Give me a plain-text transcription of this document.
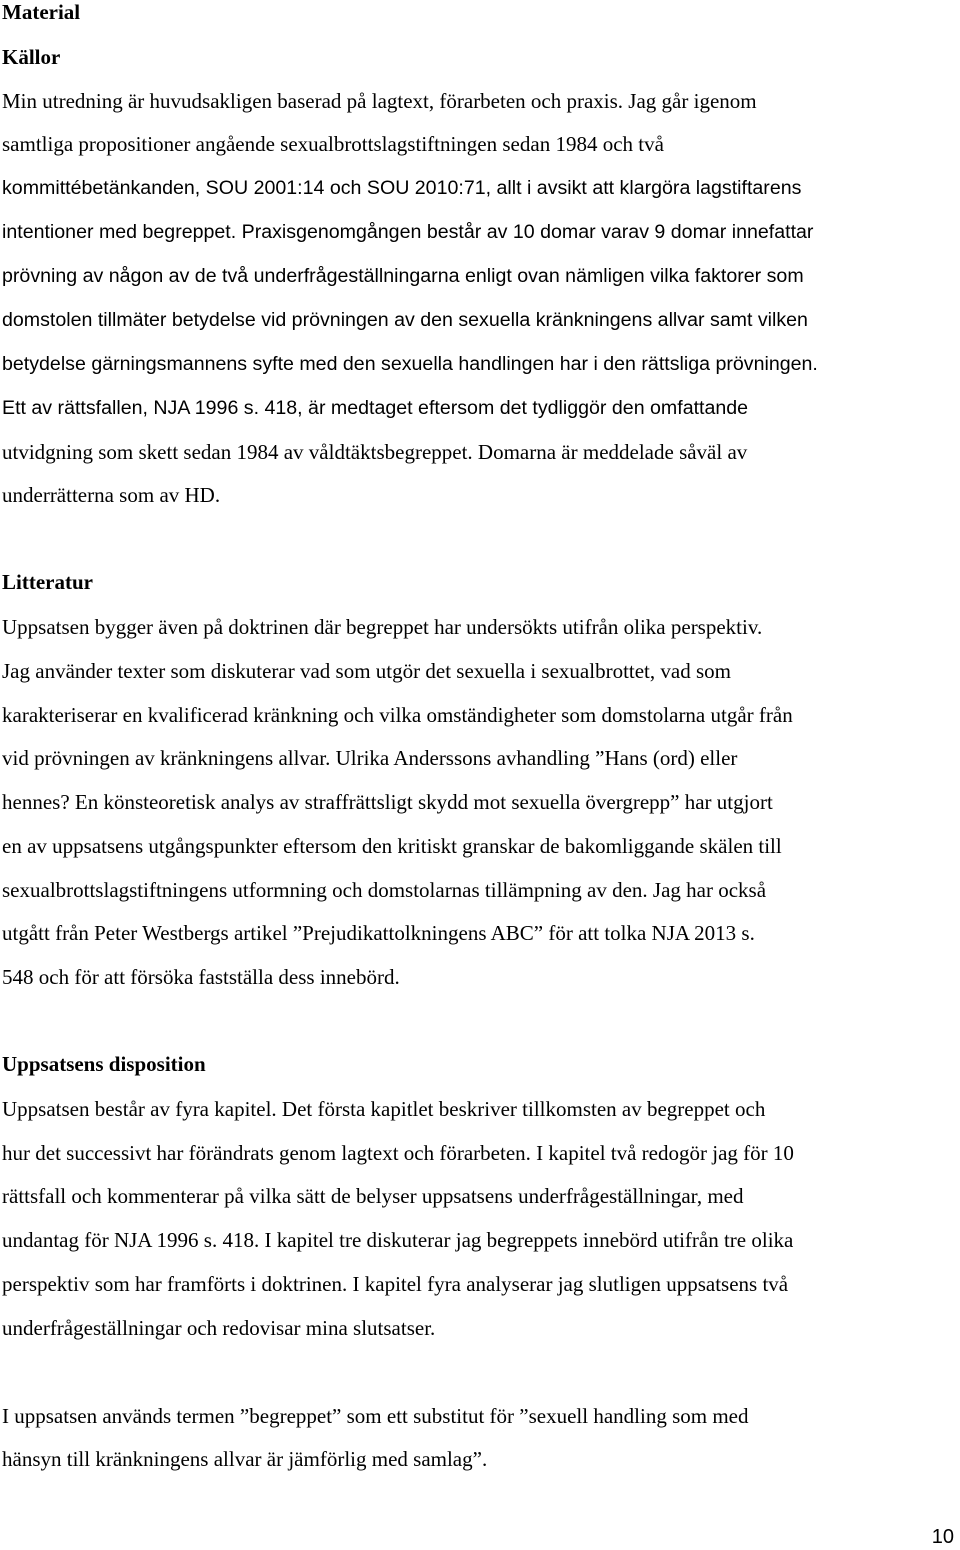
Material
Källor

Min utredning är huvudsakligen baserad på lagtext, förarbeten och praxis. Jag går igenom

samtliga propositioner angående sexualbrottslagstiftningen sedan 1984 och två

kommittébetänkanden, SOU 2001:14 och SOU 2010:71, allt i avsikt att klargöra lagstiftarens

intentioner med begreppet. Praxisgenomgången består av 10 domar varav 9 domar innefattar

prövning av någon av de två underfrågeställningarna enligt ovan nämligen vilka faktorer som

domstolen tillmäter betydelse vid prövningen av den sexuella kränkningens allvar samt vilken

betydelse gärningsmannens syfte med den sexuella handlingen har i den rättsliga prövningen.

Ett av rättsfallen, NJA 1996 s. 418, är medtaget eftersom det tydliggör den omfattande

utvidgning som skett sedan 1984 av våldtäktsbegreppet. Domarna är meddelade såväl av

underrätterna som av HD.

Litteratur

Uppsatsen bygger även på doktrinen där begreppet har undersökts utifrån olika perspektiv.

Jag använder texter som diskuterar vad som utgör det sexuella i sexualbrottet, vad som

karakteriserar en kvalificerad kränkning och vilka omständigheter som domstolarna utgår från

vid prövningen av kränkningens allvar. Ulrika Anderssons avhandling ”Hans (ord) eller

hennes? En könsteoretisk analys av straffrättsligt skydd mot sexuella övergrepp” har utgjort

en av uppsatsens utgångspunkter eftersom den kritiskt granskar de bakomliggande skälen till

sexualbrottslagstiftningens utformning och domstolarnas tillämpning av den. Jag har också

utgått från Peter Westbergs artikel ”Prejudikattolkningens ABC” för att tolka NJA 2013 s.

548 och för att försöka fastställa dess innebörd.

Uppsatsens disposition

Uppsatsen består av fyra kapitel. Det första kapitlet beskriver tillkomsten av begreppet och

hur det successivt har förändrats genom lagtext och förarbeten. I kapitel två redogör jag för 10

rättsfall och kommenterar på vilka sätt de belyser uppsatsens underfrågeställningar, med

undantag för NJA 1996 s. 418. I kapitel tre diskuterar jag begreppets innebörd utifrån tre olika

perspektiv som har framförts i doktrinen. I kapitel fyra analyserar jag slutligen uppsatsens två

underfrågeställningar och redovisar mina slutsatser.

I uppsatsen används termen ”begreppet” som ett substitut för ”sexuell handling som med

hänsyn till kränkningens allvar är jämförlig med samlag”.

10
